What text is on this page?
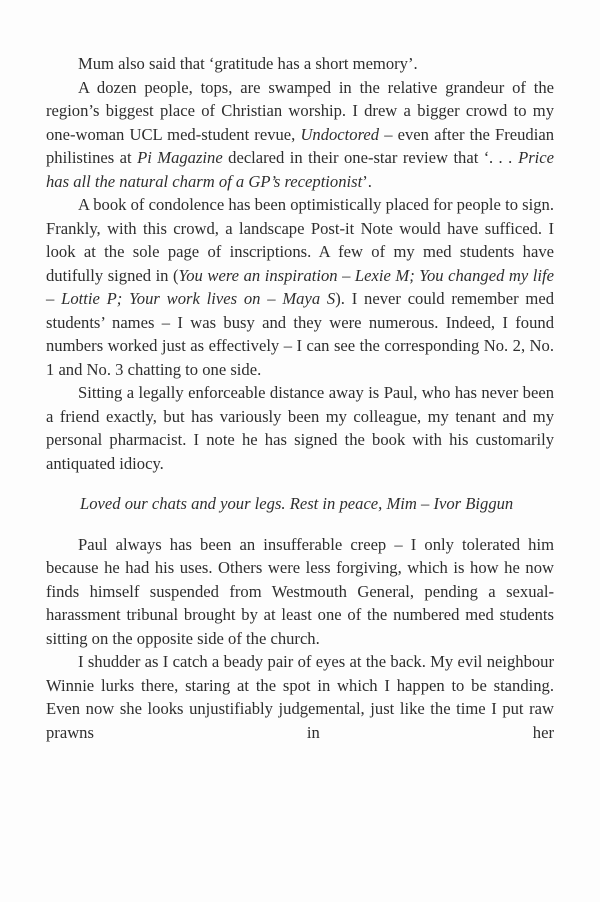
Mum also said that ‘gratitude has a short memory’.

A dozen people, tops, are swamped in the relative grandeur of the region’s biggest place of Christian worship. I drew a bigger crowd to my one-woman UCL med-student revue, Undoctored – even after the Freudian philistines at Pi Magazine declared in their one-star review that ‘. . . Price has all the natural charm of a GP’s receptionist’.

A book of condolence has been optimistically placed for people to sign. Frankly, with this crowd, a landscape Post-it Note would have sufficed. I look at the sole page of inscriptions. A few of my med students have dutifully signed in (You were an inspiration – Lexie M; You changed my life – Lottie P; Your work lives on – Maya S). I never could remember med students’ names – I was busy and they were numerous. Indeed, I found numbers worked just as effectively – I can see the corresponding No. 2, No. 1 and No. 3 chatting to one side.

Sitting a legally enforceable distance away is Paul, who has never been a friend exactly, but has variously been my colleague, my tenant and my personal pharmacist. I note he has signed the book with his customarily antiquated idiocy.

Loved our chats and your legs. Rest in peace, Mim – Ivor Biggun

Paul always has been an insufferable creep – I only tolerated him because he had his uses. Others were less forgiving, which is how he now finds himself suspended from Westmouth General, pending a sexual-harassment tribunal brought by at least one of the numbered med students sitting on the opposite side of the church.

I shudder as I catch a beady pair of eyes at the back. My evil neighbour Winnie lurks there, staring at the spot in which I happen to be standing. Even now she looks unjustifiably judgemental, just like the time I put raw prawns in her
